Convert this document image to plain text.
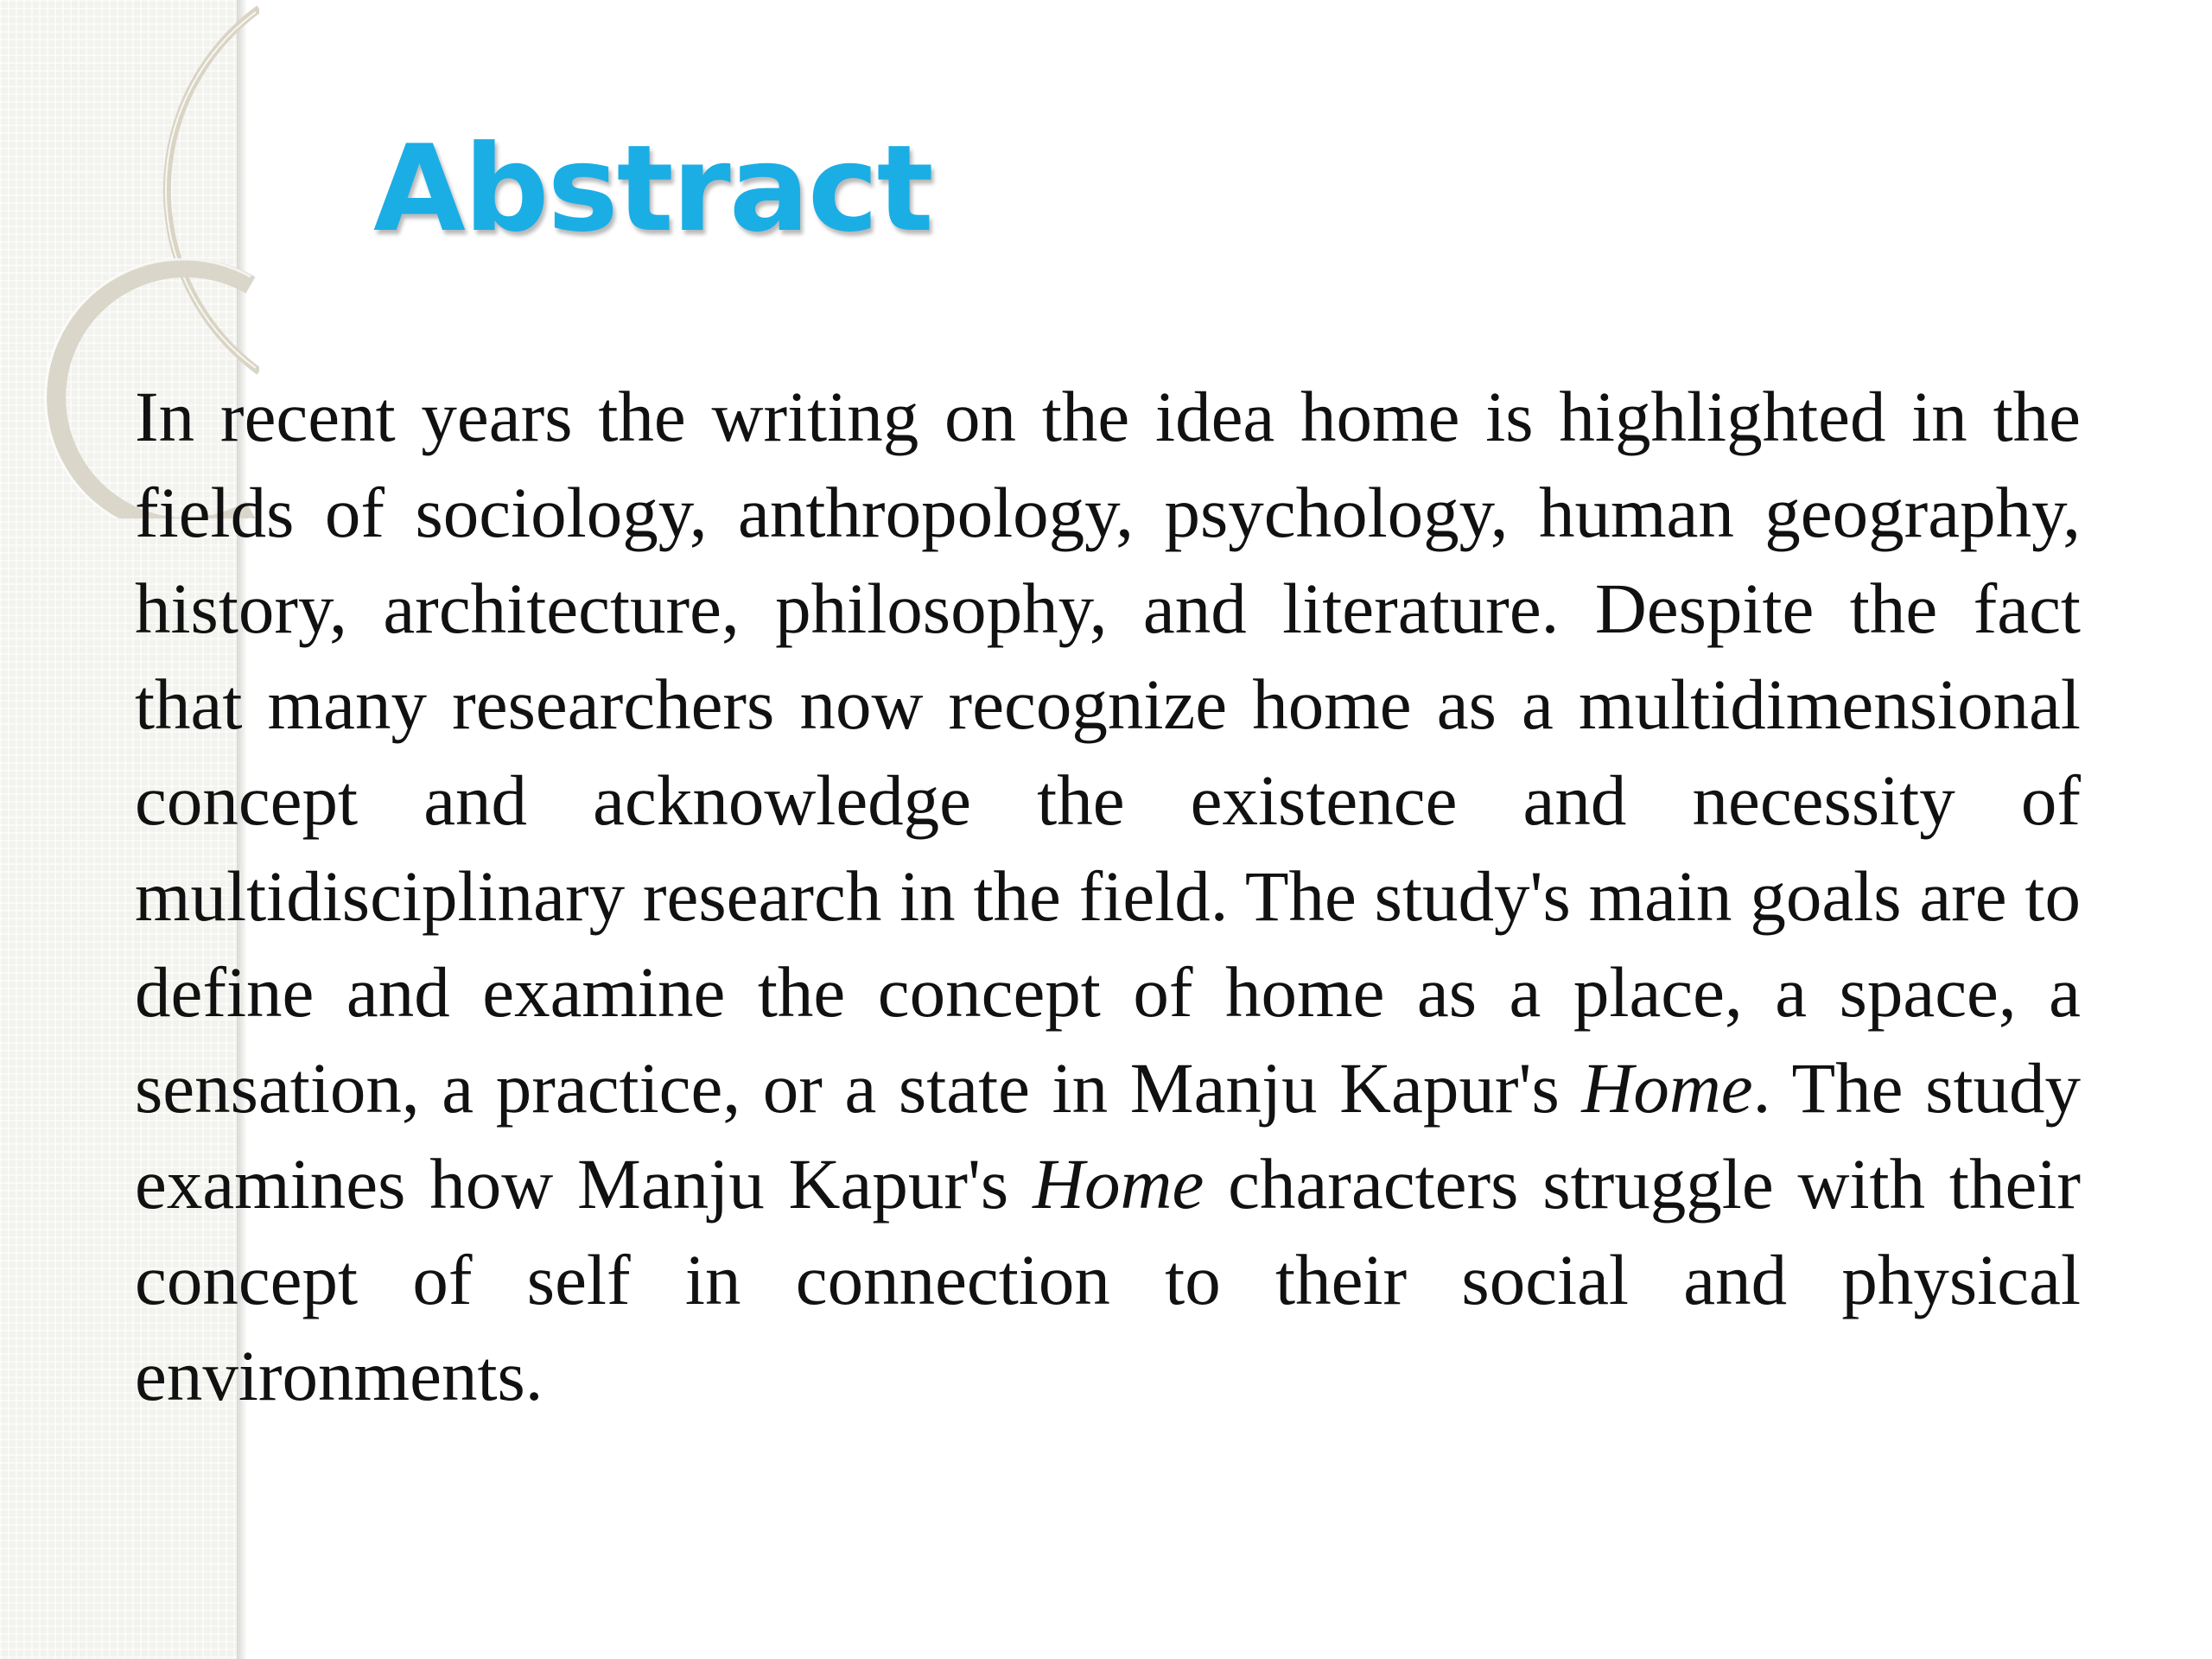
Abstract

In recent years the writing on the idea home is highlighted in the fields of sociology, anthropology, psychology, human geography, history, architecture, philosophy, and literature. Despite the fact that many researchers now recognize home as a multidimensional concept and acknowledge the existence and necessity of multidisciplinary research in the field. The study's main goals are to define and examine the concept of home as a place, a space, a sensation, a practice, or a state in Manju Kapur's Home. The study examines how Manju Kapur's Home characters struggle with their concept of self in connection to their social and physical environments.
